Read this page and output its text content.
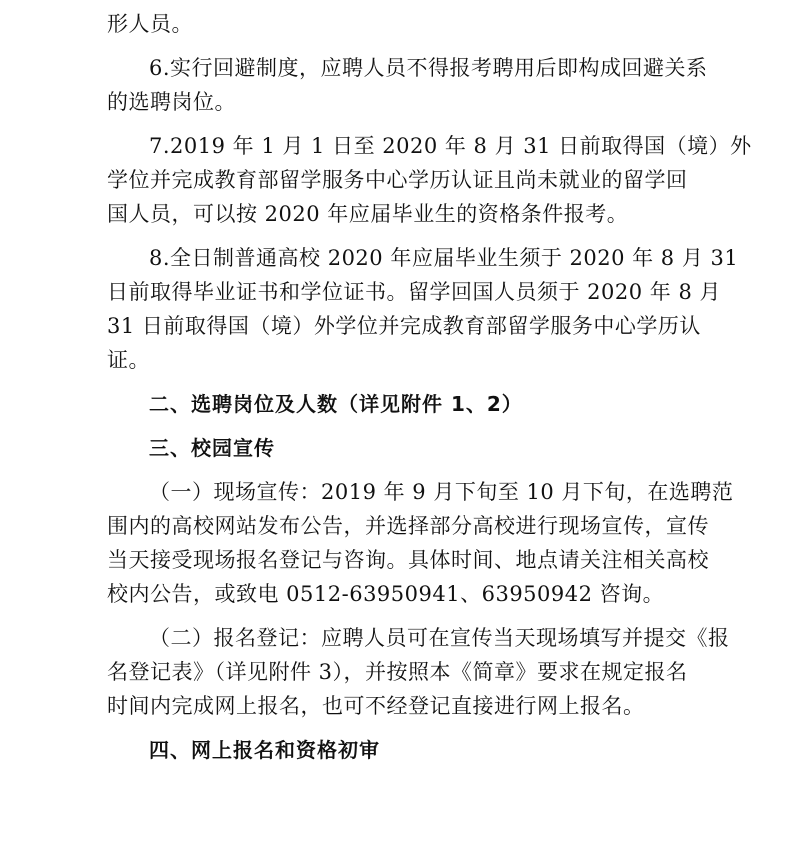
形人员。

6.实行回避制度，应聘人员不得报考聘用后即构成回避关系
的选聘岗位。

7.2019 年 1 月 1 日至 2020 年 8 月 31 日前取得国（境）外
学位并完成教育部留学服务中心学历认证且尚未就业的留学回
国人员，可以按 2020 年应届毕业生的资格条件报考。

8.全日制普通高校 2020 年应届毕业生须于 2020 年 8 月 31
日前取得毕业证书和学位证书。留学回国人员须于 2020 年 8 月
31 日前取得国（境）外学位并完成教育部留学服务中心学历认
证。

二、选聘岗位及人数（详见附件 1、2）

三、校园宣传

（一）现场宣传：2019 年 9 月下旬至 10 月下旬，在选聘范
围内的高校网站发布公告，并选择部分高校进行现场宣传，宣传
当天接受现场报名登记与咨询。具体时间、地点请关注相关高校
校内公告，或致电 0512-63950941、63950942 咨询。

（二）报名登记：应聘人员可在宣传当天现场填写并提交《报
名登记表》（详见附件 3），并按照本《简章》要求在规定报名
时间内完成网上报名，也可不经登记直接进行网上报名。

四、网上报名和资格初审
